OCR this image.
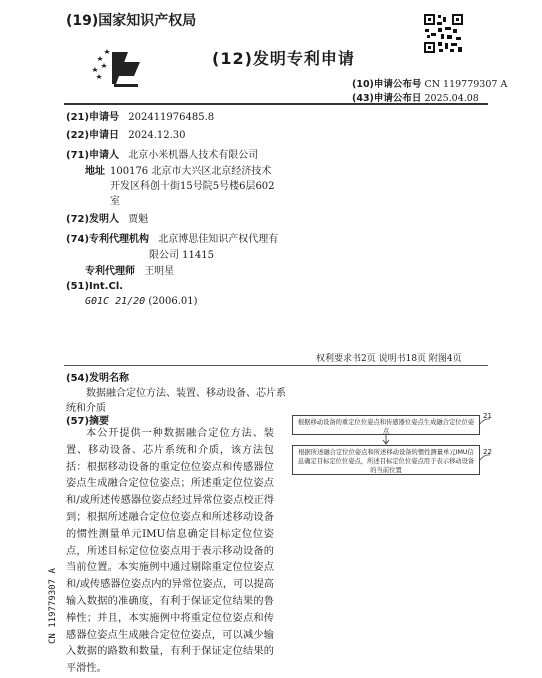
(19)国家知识产权局
(12)发明专利申请
(10)申请公布号 CN 119779307 A
(43)申请公布日 2025.04.08
(21)申请号 202411976485.8
(22)申请日 2024.12.30
(71)申请人 北京小米机器人技术有限公司
地址 100176 北京市大兴区北京经济技术
开发区科创十街15号院5号楼6层602
室
(72)发明人 贾魁
(74)专利代理机构 北京博思佳知识产权代理有
限公司 11415
专利代理师 王明星
(51)Int.Cl.
G01C 21/20 (2006.01)
权利要求书2页 说明书18页 附图4页
(54)发明名称
数据融合定位方法、装置、移动设备、芯片系
统和介质
(57)摘要

本公开提供一种数据融合定位方法、装置、移动设备、芯片系统和介质，该方法包括：根据移动设备的重定位位姿点和传感器位姿点生成融合定位位姿点；所述重定位位姿点和/或所述传感器位姿点经过异常位姿点校正得到；根据所述融合定位位姿点和所述移动设备的惯性测量单元IMU信息确定目标定位位姿点，所述目标定位位姿点用于表示移动设备的当前位置。本实施例中通过剔除重定位位姿点和/或传感器位姿点内的异常位姿点，可以提高输入数据的准确度，有利于保证定位结果的鲁棒性；并且，本实施例中将重定位位姿点和传感器位姿点生成融合定位位姿点，可以减少输入数据的路数和数量，有利于保证定位结果的平滑性。

根据移动设备的重定位位姿点和传感器位姿点生成融合定位位姿点
21
根据所述融合定位位姿点和所述移动设备的惯性测量单元IMU信息确定目标定位位姿点，所述目标定位位姿点用于表示移动设备的当前位置
22
CN 119779307 A
